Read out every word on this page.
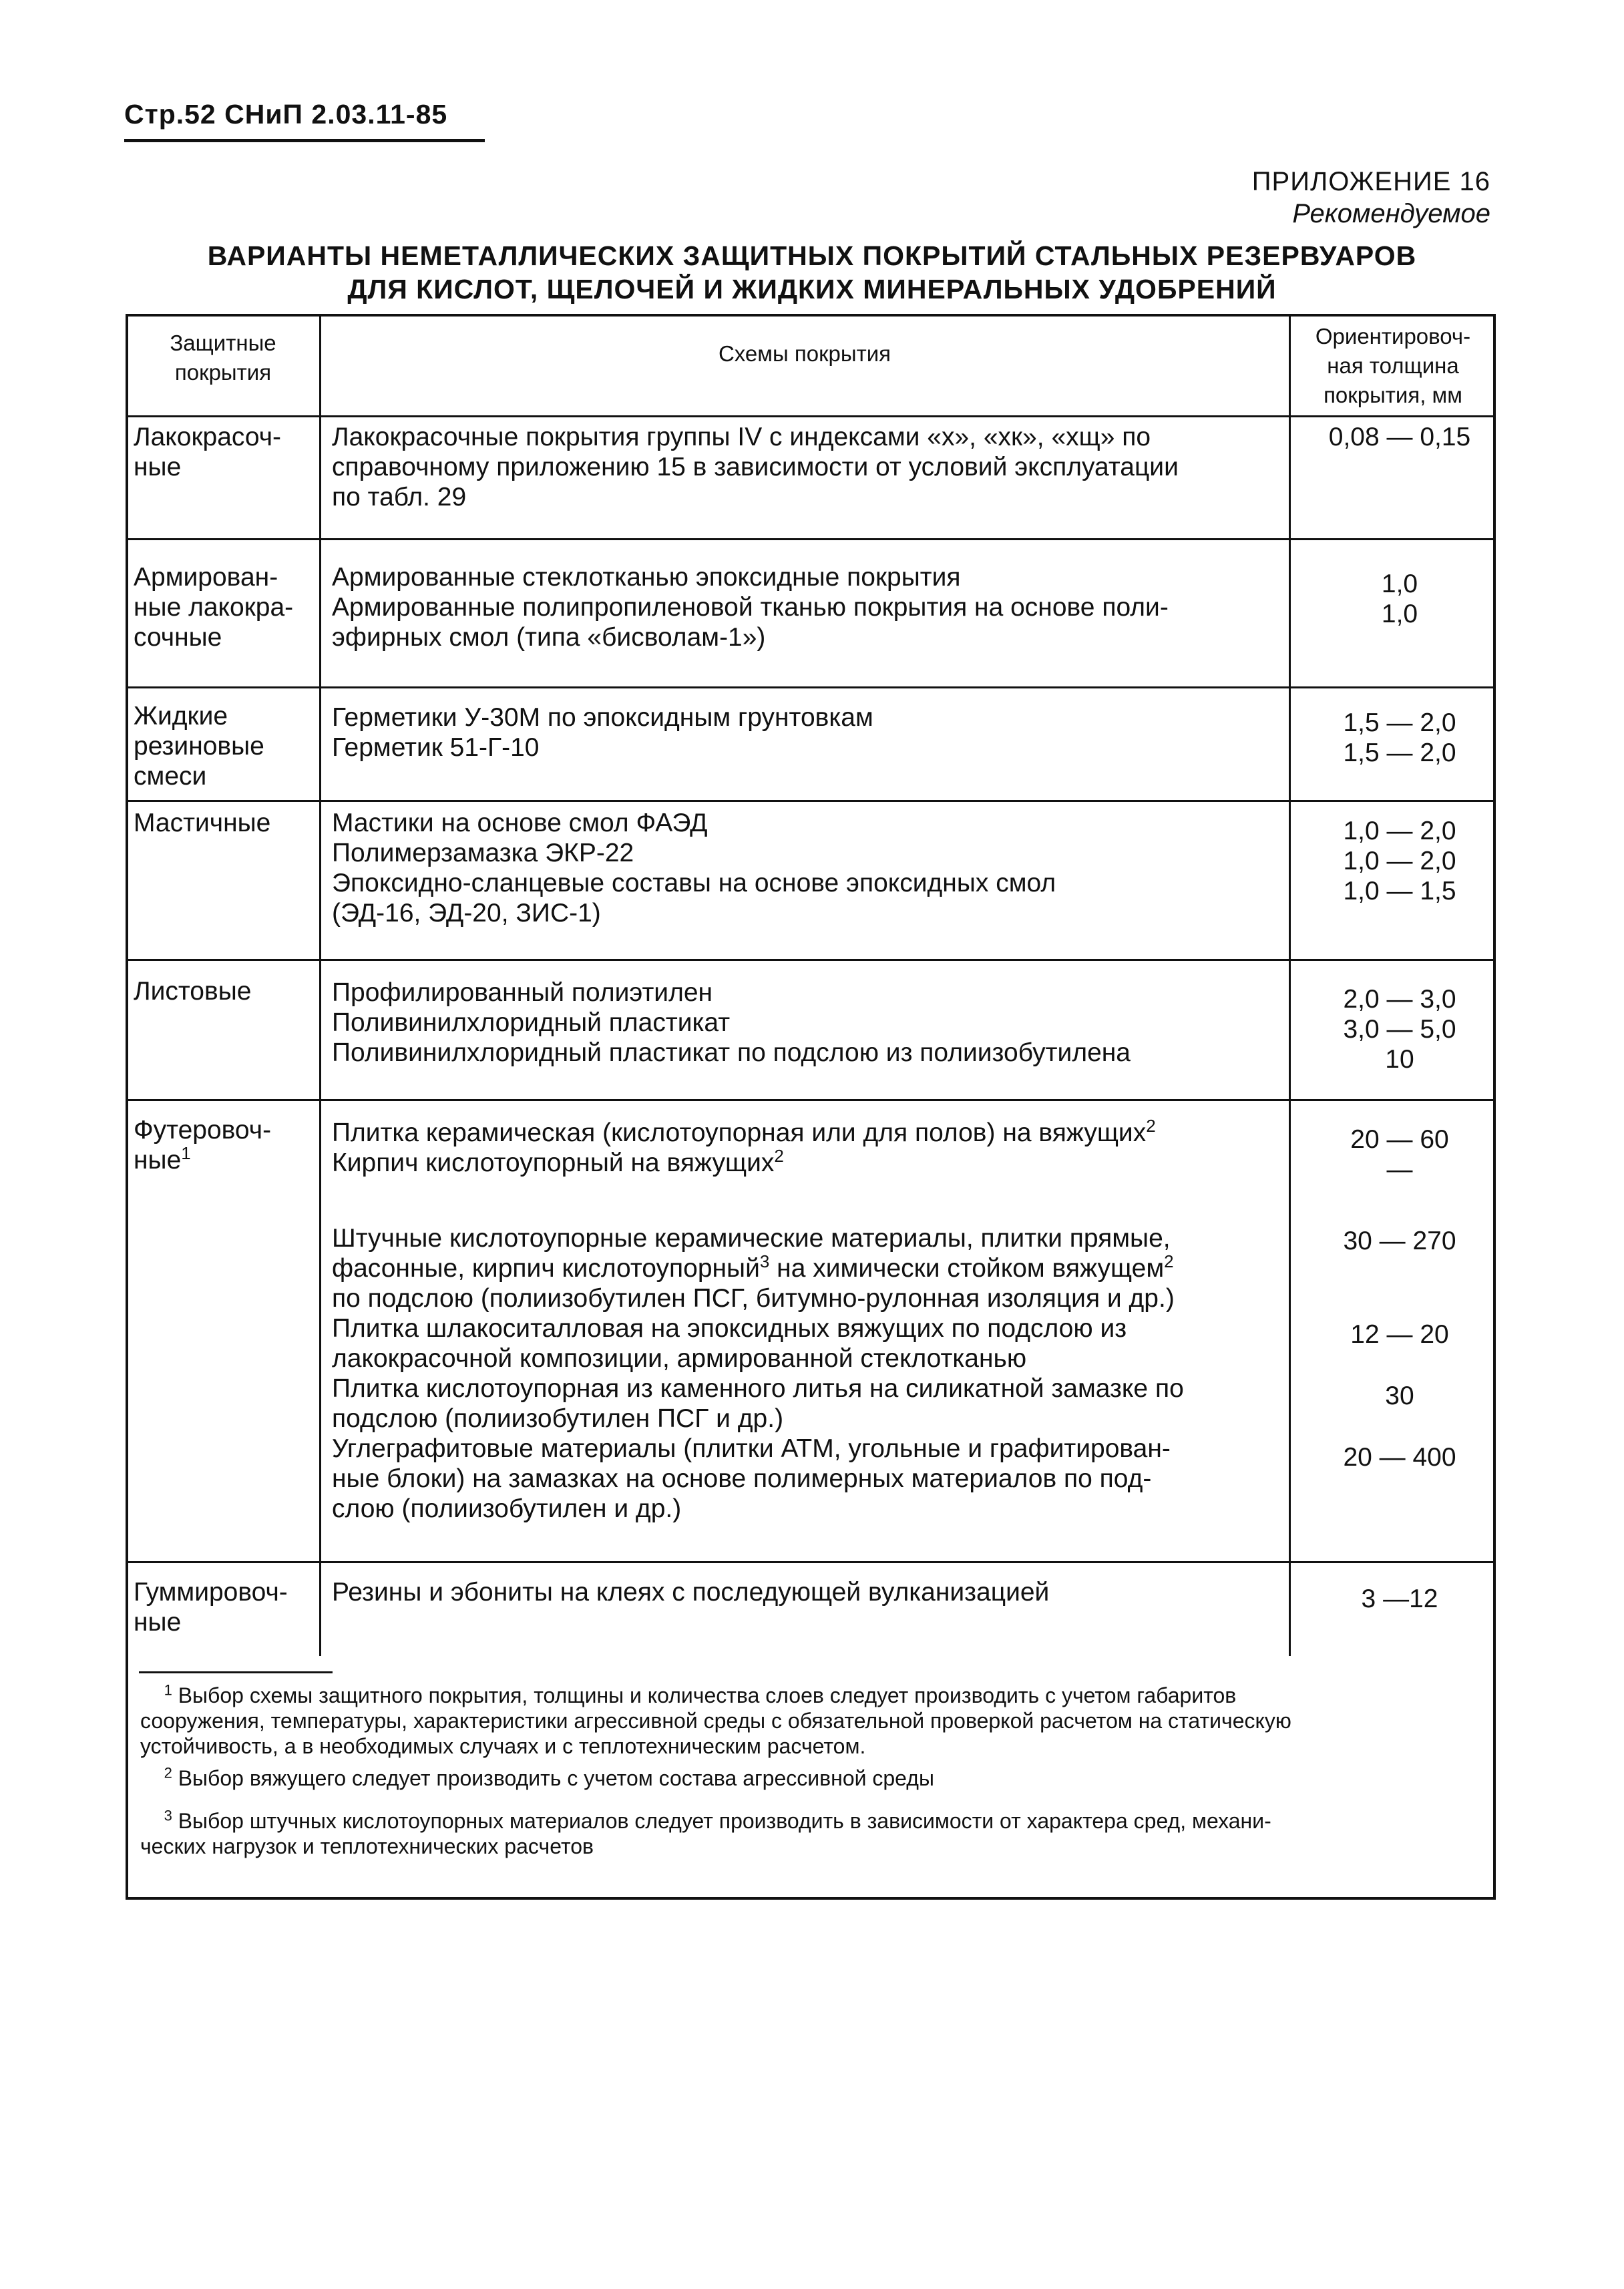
Стр.52 СНиП 2.03.11-85
ПРИЛОЖЕНИЕ 16
Рекомендуемое
ВАРИАНТЫ НЕМЕТАЛЛИЧЕСКИХ ЗАЩИТНЫХ ПОКРЫТИЙ СТАЛЬНЫХ РЕЗЕРВУАРОВ
ДЛЯ КИСЛОТ, ЩЕЛОЧЕЙ И ЖИДКИХ МИНЕРАЛЬНЫХ УДОБРЕНИЙ
Защитные
покрытия
Схемы покрытия
Ориентировоч-
ная толщина
покрытия, мм
Лакокрасоч-
ные
Лакокрасочные покрытия группы IV с индексами «х», «хк», «хщ» по
справочному приложению 15 в зависимости от условий эксплуатации
по табл. 29
0,08 — 0,15
Армирован-
ные лакокра-
сочные
Армированные стеклотканью эпоксидные покрытия
Армированные полипропиленовой тканью покрытия на основе поли-
эфирных смол (типа «бисволам-1»)
1,0
1,0
Жидкие
резиновые
смеси
Герметики У-30М по эпоксидным грунтовкам
Герметик 51-Г-10
1,5 — 2,0
1,5 — 2,0
Мастичные Мастики на основе смол ФАЭД
Полимерзамазка ЭКР-22
Эпоксидно-сланцевые составы на основе эпоксидных смол
(ЭД-16, ЭД-20, ЗИС-1)
1,0 — 2,0
1,0 — 2,0
1,0 — 1,5
Листовые	Профилированный полиэтилен
Поливинилхлоридный пластикат
Поливинилхлоридный пластикат по подслою из полиизобутилена
2,0 — 3,0
3,0 — 5,0
10
Футеровоч-
ные$^1$
Плитка керамическая (кислотоупорная или для полов) на вяжущих$^2$
Кирпич кислотоупорный на вяжущих$^2$
20 — 60
—
Штучные кислотоупорные керамические материалы, плитки прямые,
фасонные, кирпич кислотоупорный$^3$ на химически стойком вяжущем$^2$
по подслою (полиизобутилен ПСГ, битумно-рулонная изоляция и др.)
30 — 270
Плитка шлакоситалловая на эпоксидных вяжущих по подслою из
лакокрасочной композиции, армированной стеклотканью
12 — 20
Плитка кислотоупорная из каменного литья на силикатной замазке по
подслою (полиизобутилен ПСГ и др.)
30
Углеграфитовые материалы (плитки АТМ, угольные и графитирован-
ные блоки) на замазках на основе полимерных материалов по под-
слою (полиизобутилен и др.)
20 — 400
Гуммировоч-
ные
Резины и эбониты на клеях с последующей вулканизацией	3 —12
$^1$ Выбор схемы защитного покрытия, толщины и количества слоев следует производить с учетом габаритов
сооружения, температуры, характеристики агрессивной среды с обязательной проверкой расчетом на статическую
устойчивость, а в необходимых случаях и с теплотехническим расчетом.
$^2$ Выбор вяжущего следует производить с учетом состава агрессивной среды
$^3$ Выбор штучных кислотоупорных материалов следует производить в зависимости от характера сред, механи-
ческих нагрузок и теплотехнических расчетов
